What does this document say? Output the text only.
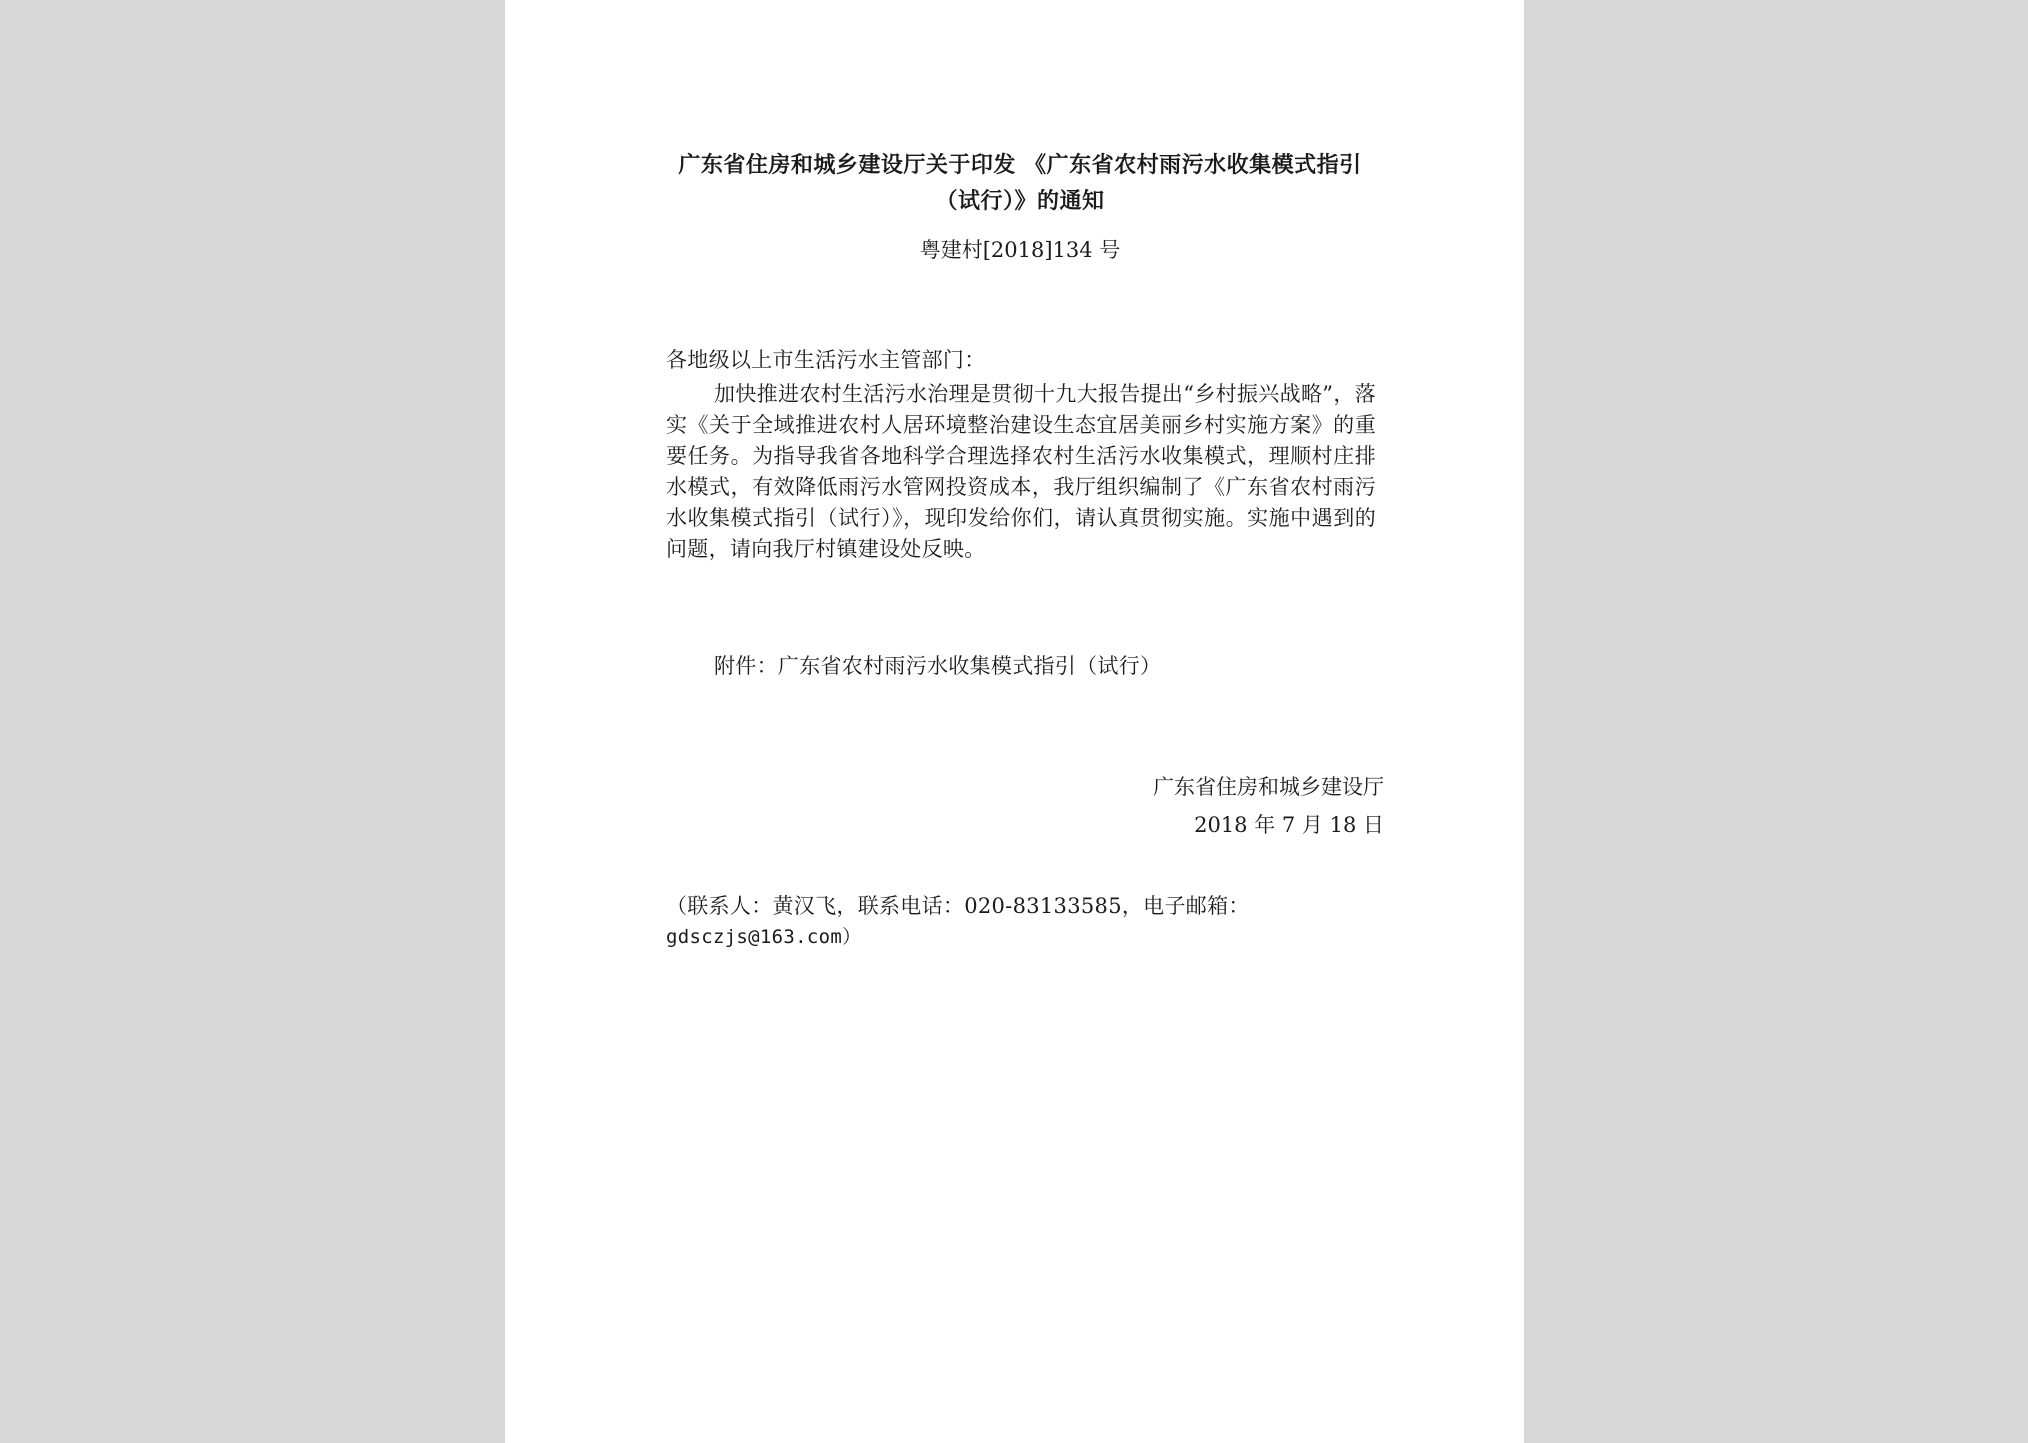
广东省住房和城乡建设厅关于印发 《广东省农村雨污水收集模式指引（试行）》的通知
粤建村[2018]134 号
各地级以上市生活污水主管部门：
加快推进农村生活污水治理是贯彻十九大报告提出“乡村振兴战略”，落实《关于全域推进农村人居环境整治建设生态宜居美丽乡村实施方案》的重要任务。为指导我省各地科学合理选择农村生活污水收集模式，理顺村庄排水模式，有效降低雨污水管网投资成本，我厅组织编制了《广东省农村雨污水收集模式指引（试行）》，现印发给你们，请认真贯彻实施。实施中遇到的问题，请向我厅村镇建设处反映。
附件：广东省农村雨污水收集模式指引（试行）
广东省住房和城乡建设厅
2018 年 7 月 18 日
（联系人：黄汉飞，联系电话：020-83133585，电子邮箱：
gdsczjs@163.com）
